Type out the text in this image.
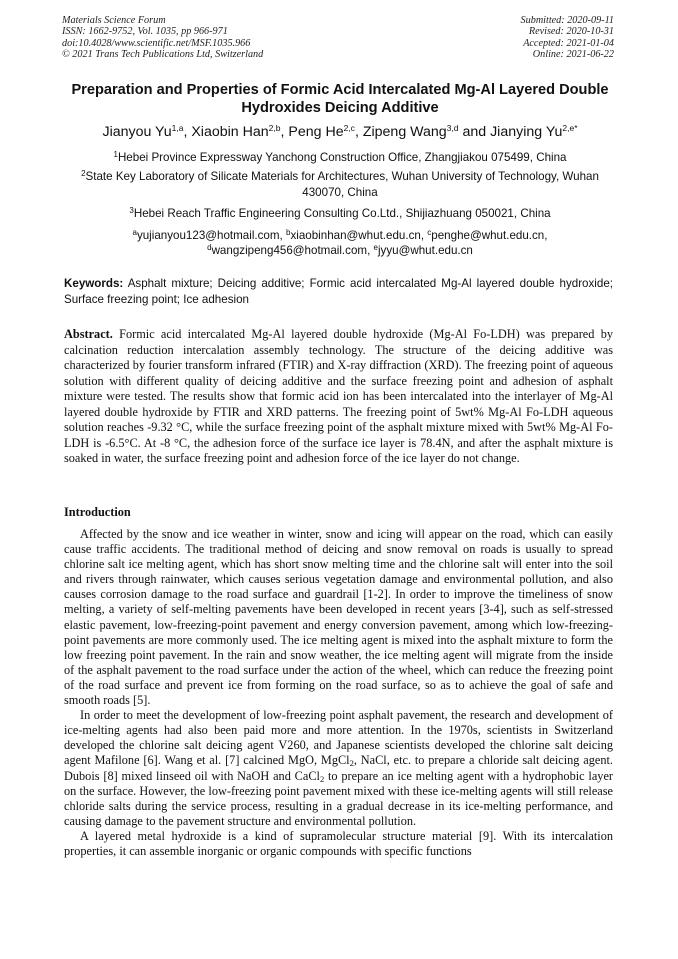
Materials Science Forum
ISSN: 1662-9752, Vol. 1035, pp 966-971
doi:10.4028/www.scientific.net/MSF.1035.966
© 2021 Trans Tech Publications Ltd, Switzerland
Submitted: 2020-09-11
Revised: 2020-10-31
Accepted: 2021-01-04
Online: 2021-06-22
Preparation and Properties of Formic Acid Intercalated Mg-Al Layered Double Hydroxides Deicing Additive
Jianyou Yu$^{1,a}$, Xiaobin Han$^{2,b}$, Peng He$^{2,c}$, Zipeng Wang$^{3,d}$ and Jianying $Yu^{2,e*}$
$^1$Hebei Province Expressway Yanchong Construction Office, Zhangjiakou 075499, China
$^2$State Key Laboratory of Silicate Materials for Architectures, Wuhan University of Technology, Wuhan 430070, China
$^3$Hebei Reach Traffic Engineering Consulting Co.Ltd., Shijiazhuang 050021, China
$^a$yujianyou123@hotmail.com, $^b$xiaobinhan@whut.edu.cn, $^c$penghe@whut.edu.cn,
$^d$wangzipeng456@hotmail.com, $^e$jyyu@whut.edu.cn
Keywords: Asphalt mixture; Deicing additive; Formic acid intercalated Mg-Al layered double hydroxide; Surface freezing point; Ice adhesion
Abstract. Formic acid intercalated Mg-Al layered double hydroxide (Mg-Al Fo-LDH) was prepared by calcination reduction intercalation assembly technology. The structure of the deicing additive was characterized by fourier transform infrared (FTIR) and X-ray diffraction (XRD). The freezing point of aqueous solution with different quality of deicing additive and the surface freezing point and adhesion of asphalt mixture were tested. The results show that formic acid ion has been intercalated into the interlayer of Mg-Al layered double hydroxide by FTIR and XRD patterns. The freezing point of 5wt% Mg-Al Fo-LDH aqueous solution reaches -9.32 °C, while the surface freezing point of the asphalt mixture mixed with 5wt% Mg-Al Fo-LDH is -6.5°C. At -8 °C, the adhesion force of the surface ice layer is 78.4N, and after the asphalt mixture is soaked in water, the surface freezing point and adhesion force of the ice layer do not change.
Introduction

Affected by the snow and ice weather in winter, snow and icing will appear on the road, which can easily cause traffic accidents. The traditional method of deicing and snow removal on roads is usually to spread chlorine salt ice melting agent, which has short snow melting time and the chlorine salt will enter into the soil and rivers through rainwater, which causes serious vegetation damage and environmental pollution, and also causes corrosion damage to the road surface and guardrail [1-2]. In order to improve the timeliness of snow melting, a variety of self-melting pavements have been developed in recent years [3-4], such as self-stressed elastic pavement, low-freezing-point pavement and energy conversion pavement, among which low-freezing-point pavements are more commonly used. The ice melting agent is mixed into the asphalt mixture to form the low freezing point pavement. In the rain and snow weather, the ice melting agent will migrate from the inside of the asphalt pavement to the road surface under the action of the wheel, which can reduce the freezing point of the road surface and prevent ice from forming on the road surface, so as to achieve the goal of safe and smooth roads [5].

In order to meet the development of low-freezing point asphalt pavement, the research and development of ice-melting agents had also been paid more and more attention. In the 1970s, scientists in Switzerland developed the chlorine salt deicing agent V260, and Japanese scientists developed the chlorine salt deicing agent Mafilone [6]. Wang et al. [7] calcined MgO, MgCl$_2$, NaCl, etc. to prepare a chloride salt deicing agent. Dubois [8] mixed linseed oil with NaOH and CaCl$_2$ to prepare an ice melting agent with a hydrophobic layer on the surface. However, the low-freezing point pavement mixed with these ice-melting agents will still release chloride salts during the service process, resulting in a gradual decrease in its ice-melting performance, and causing damage to the pavement structure and environmental pollution.

A layered metal hydroxide is a kind of supramolecular structure material [9]. With its intercalation properties, it can assemble inorganic or organic compounds with specific functions
